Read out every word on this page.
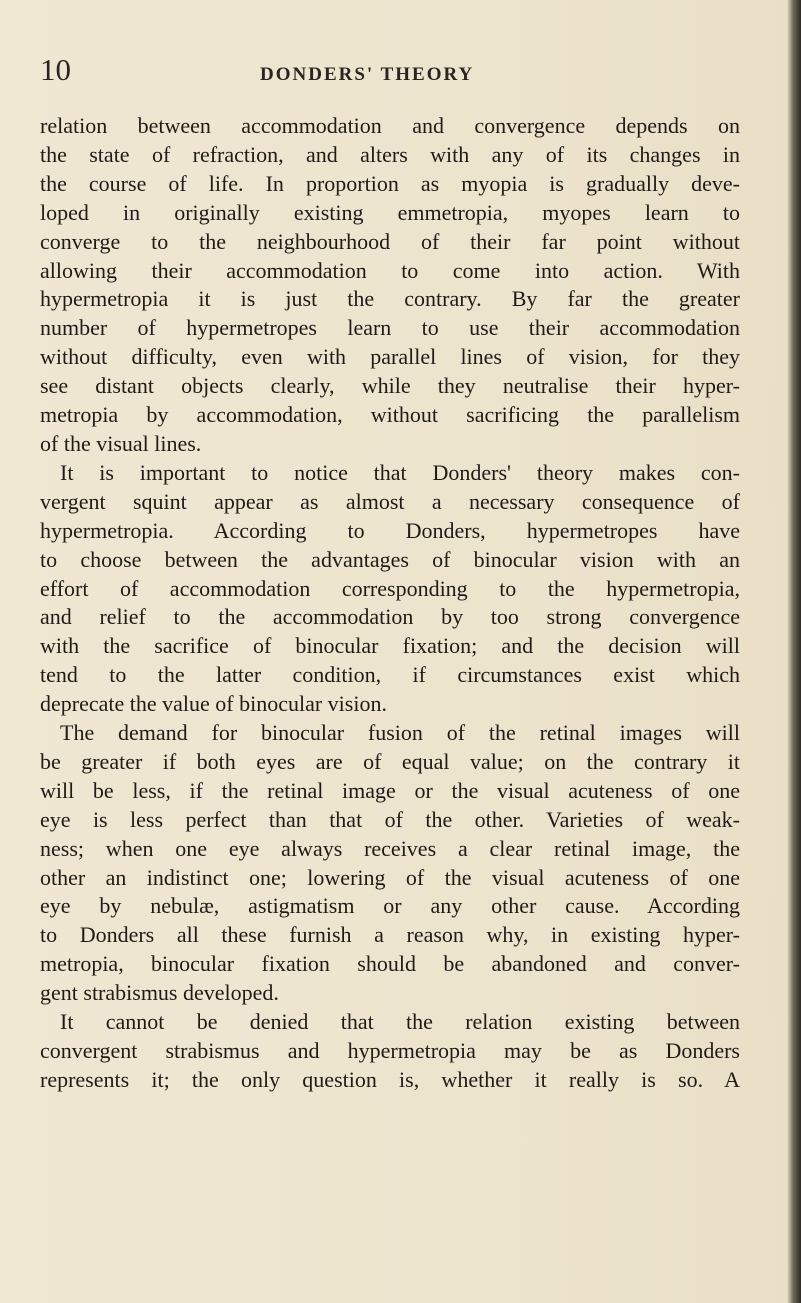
10	DONDERS' THEORY
relation between accommodation and convergence depends on
the state of refraction, and alters with any of its changes in
the course of life. In proportion as myopia is gradually deve-
loped in originally existing emmetropia, myopes learn to
converge to the neighbourhood of their far point without
allowing their accommodation to come into action. With
hypermetropia it is just the contrary. By far the greater
number of hypermetropes learn to use their accommodation
without difficulty, even with parallel lines of vision, for they
see distant objects clearly, while they neutralise their hyper-
metropia by accommodation, without sacrificing the parallelism
of the visual lines.
It is important to notice that Donders' theory makes con-
vergent squint appear as almost a necessary consequence of
hypermetropia. According to Donders, hypermetropes have
to choose between the advantages of binocular vision with an
effort of accommodation corresponding to the hypermetropia,
and relief to the accommodation by too strong convergence
with the sacrifice of binocular fixation; and the decision will
tend to the latter condition, if circumstances exist which
deprecate the value of binocular vision.
The demand for binocular fusion of the retinal images will
be greater if both eyes are of equal value; on the contrary it
will be less, if the retinal image or the visual acuteness of one
eye is less perfect than that of the other. Varieties of weak-
ness; when one eye always receives a clear retinal image, the
other an indistinct one; lowering of the visual acuteness of one
eye by nebulæ, astigmatism or any other cause. According
to Donders all these furnish a reason why, in existing hyper-
metropia, binocular fixation should be abandoned and conver-
gent strabismus developed.
It cannot be denied that the relation existing between
convergent strabismus and hypermetropia may be as Donders
represents it; the only question is, whether it really is so. A
